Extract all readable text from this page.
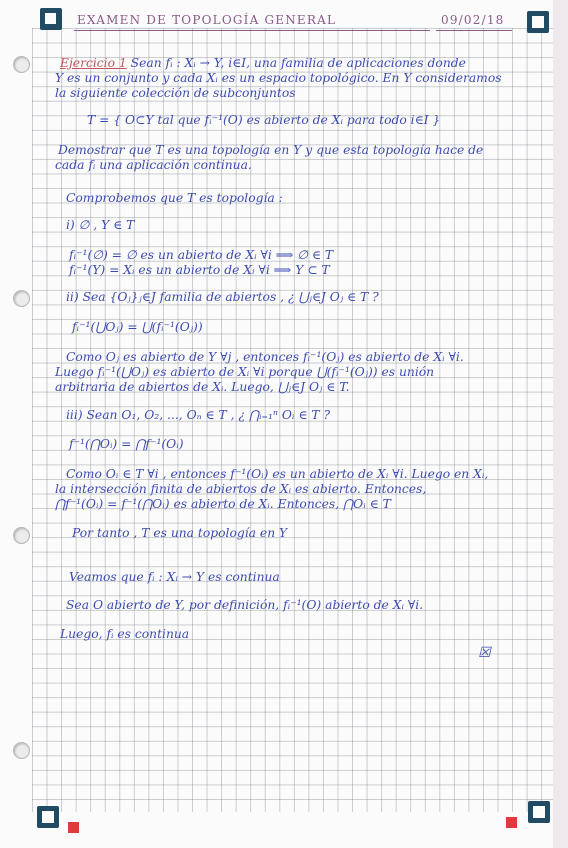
EXAMEN DE TOPOLOGÍA GENERAL	09/02/18
Ejercicio 1 Sean fᵢ : Xᵢ → Y, i∈I, una familia de aplicaciones donde
Y es un conjunto y cada Xᵢ es un espacio topológico. En Y consideramos
la siguiente colección de subconjuntos
T = { O⊂Y tal que fᵢ⁻¹(O) es abierto de Xᵢ para todo i∈I }
Demostrar que T es una topología en Y y que esta topología hace de
cada fᵢ una aplicación continua.
Comprobemos que T es topología :
i) ∅ , Y ∈ T
fᵢ⁻¹(∅) = ∅ es un abierto de Xᵢ ∀i ⟹ ∅ ∈ T
fᵢ⁻¹(Y) = Xᵢ es un abierto de Xᵢ ∀i ⟹ Y ⊂ T
ii) Sea {Oⱼ}ⱼ∈J familia de abiertos , ¿ ⋃ⱼ∈J Oⱼ ∈ T ?
fᵢ⁻¹(⋃Oⱼ) = ⋃(fᵢ⁻¹(Oⱼ))
Como Oⱼ es abierto de Y ∀j , entonces fᵢ⁻¹(Oⱼ) es abierto de Xᵢ ∀i.
Luego fᵢ⁻¹(⋃Oⱼ) es abierto de Xᵢ ∀i porque ⋃(fᵢ⁻¹(Oⱼ)) es unión
arbitraria de abiertos de Xᵢ. Luego, ⋃ⱼ∈J Oⱼ ∈ T.
iii) Sean O₁, O₂, ..., Oₙ ∈ T , ¿ ⋂ᵢ₌₁ⁿ Oᵢ ∈ T ?
f⁻¹(⋂Oᵢ) = ⋂f⁻¹(Oᵢ)
Como Oᵢ ∈ T ∀i , entonces f⁻¹(Oᵢ) es un abierto de Xᵢ ∀i. Luego en Xᵢ,
la intersección finita de abiertos de Xᵢ es abierto. Entonces,
⋂f⁻¹(Oᵢ) = f⁻¹(⋂Oᵢ) es abierto de Xᵢ. Entonces, ⋂Oᵢ ∈ T
Por tanto , T es una topología en Y
Veamos que fᵢ : Xᵢ → Y es continua
Sea O abierto de Y, por definición, fᵢ⁻¹(O) abierto de Xᵢ ∀i.
Luego, fᵢ es continua
☒
